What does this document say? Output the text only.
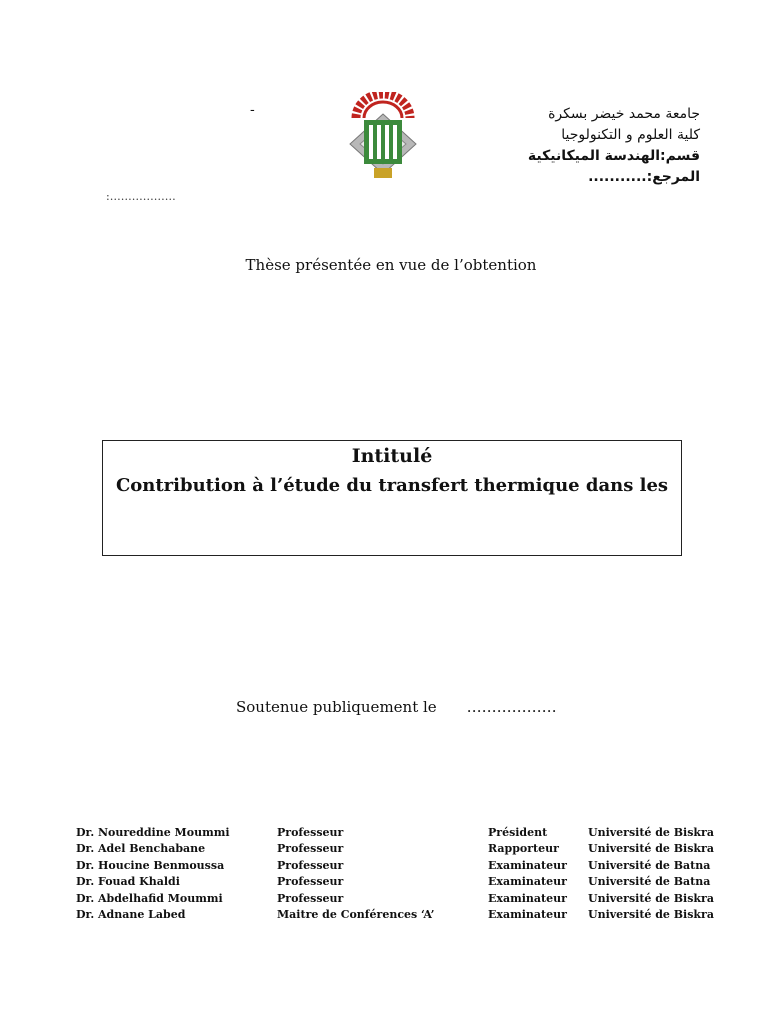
-	جامعة محمد خيضر بسكرة
كلية العلوم و التكنولوجيا
قسم:الهندسة الميكانيكية
المرجع:...........
:………………
Thèse présentée en vue de l’obtention
Intitulé
Contribution à l’étude du transfert thermique dans les
Soutenue publiquement le ………………
Dr. Noureddine Moummi	Professeur	Président	Université de Biskra
Dr. Adel Benchabane	Professeur	Rapporteur	Université de Biskra
Dr. Houcine Benmoussa	Professeur	Examinateur	Université de Batna
Dr. Fouad Khaldi	Professeur	Examinateur	Université de Batna
Dr. Abdelhafid Moummi	Professeur	Examinateur	Université de Biskra
Dr. Adnane Labed	Maitre de Conférences ‘A’	Examinateur	Université de Biskra
